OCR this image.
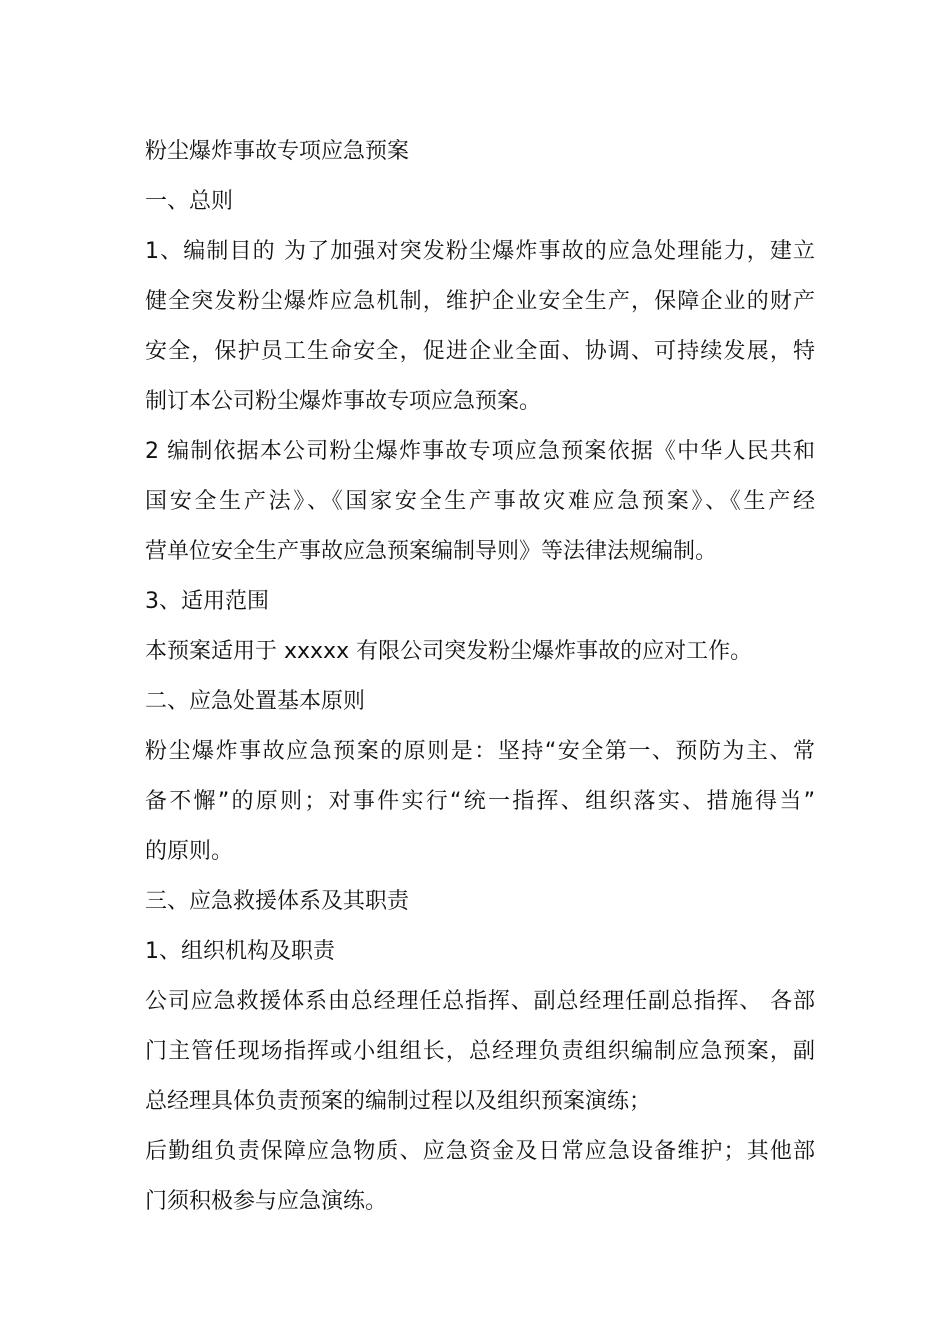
粉尘爆炸事故专项应急预案
一、总则
1、编制目的 为了加强对突发粉尘爆炸事故的应急处理能力，建立
健全突发粉尘爆炸应急机制，维护企业安全生产，保障企业的财产
安全，保护员工生命安全，促进企业全面、协调、可持续发展，特
制订本公司粉尘爆炸事故专项应急预案。
2 编制依据本公司粉尘爆炸事故专项应急预案依据《中华人民共和
国安全生产法》、《国家安全生产事故灾难应急预案》、《生产经
营单位安全生产事故应急预案编制导则》等法律法规编制。
3、适用范围
本预案适用于 xxxxx 有限公司突发粉尘爆炸事故的应对工作。
二、应急处置基本原则
粉尘爆炸事故应急预案的原则是：坚持“安全第一、预防为主、常
备不懈”的原则；对事件实行“统一指挥、组织落实、措施得当”
的原则。
三、应急救援体系及其职责
1、组织机构及职责
公司应急救援体系由总经理任总指挥、副总经理任副总指挥、 各部
门主管任现场指挥或小组组长，总经理负责组织编制应急预案，副
总经理具体负责预案的编制过程以及组织预案演练；
后勤组负责保障应急物质、应急资金及日常应急设备维护；其他部
门须积极参与应急演练。
